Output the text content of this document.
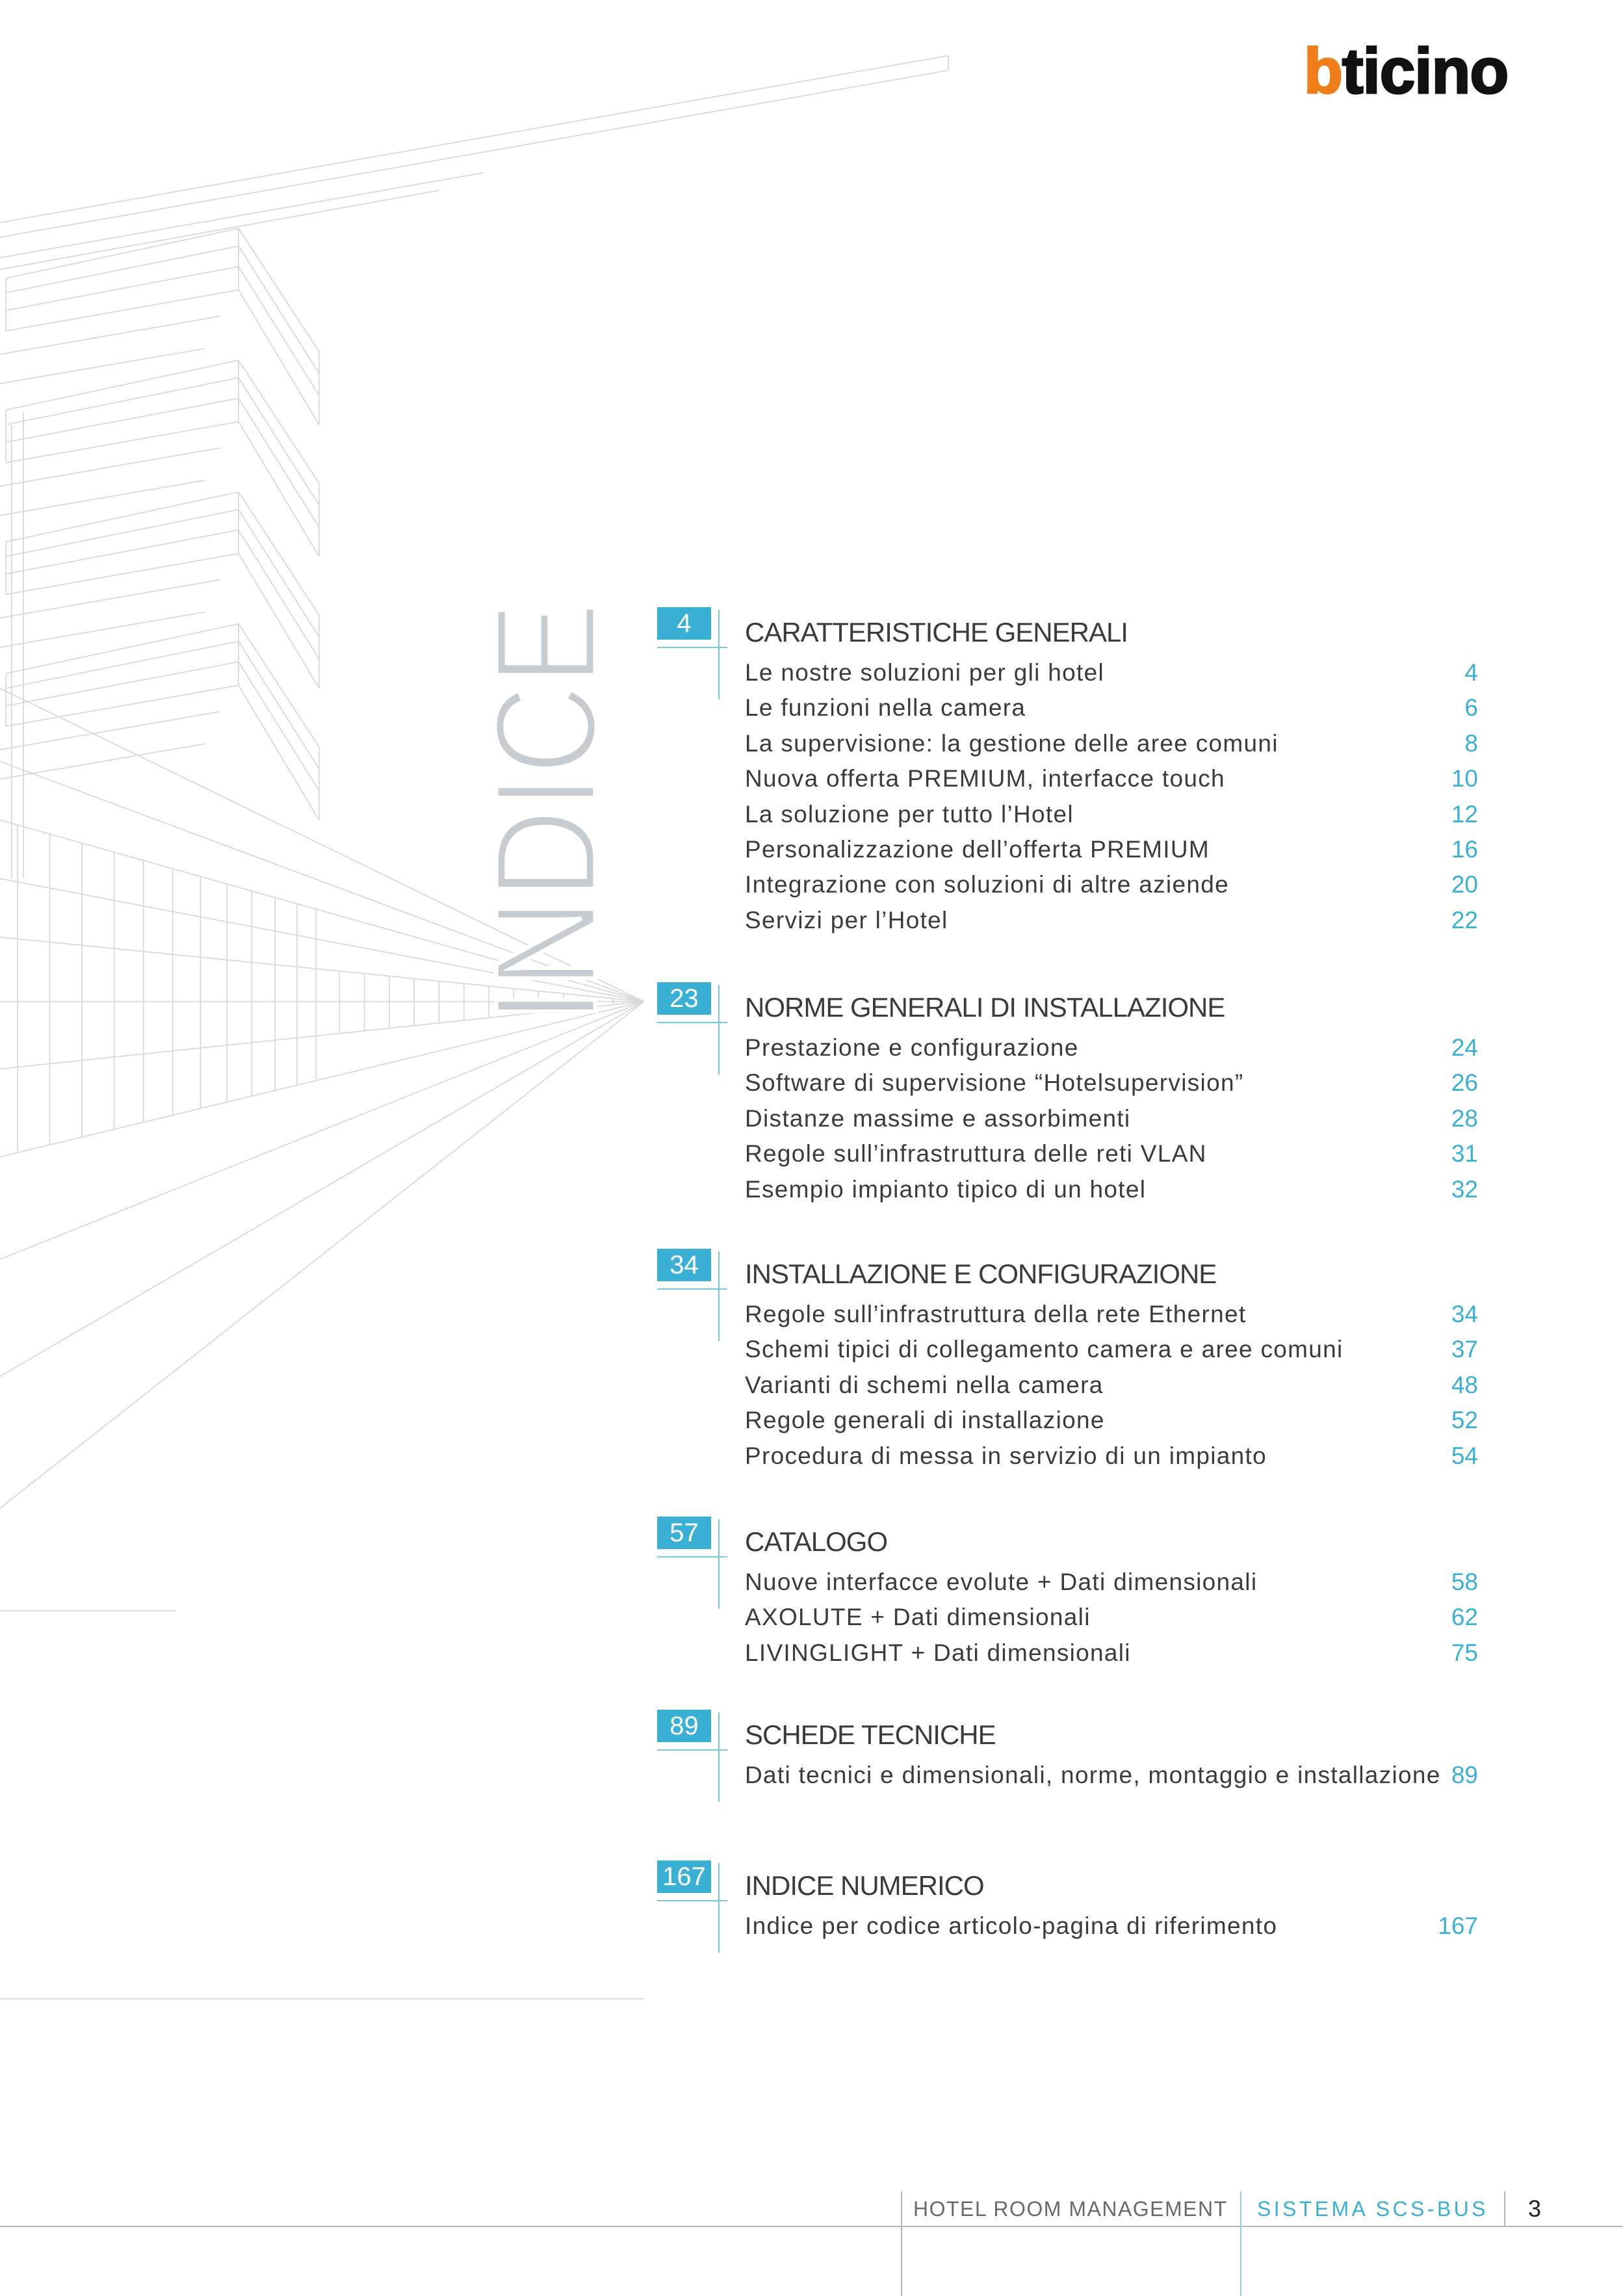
bticino
INDICE	4	CARATTERISTICHE GENERALI
Le nostre soluzioni per gli hotel	4
Le funzioni nella camera	6
La supervisione: la gestione delle aree comuni	8
Nuova offerta PREMIUM, interfacce touch	10
La soluzione per tutto l’Hotel	12
Personalizzazione dell’offerta PREMIUM	16
Integrazione con soluzioni di altre aziende	20
Servizi per l’Hotel	22
23	NORME GENERALI DI INSTALLAZIONE
Prestazione e configurazione	24
Software di supervisione “Hotelsupervision”	26
Distanze massime e assorbimenti	28
Regole sull’infrastruttura delle reti VLAN	31
Esempio impianto tipico di un hotel	32
34	INSTALLAZIONE E CONFIGURAZIONE
Regole sull’infrastruttura della rete Ethernet	34
Schemi tipici di collegamento camera e aree comuni	37
Varianti di schemi nella camera	48
Regole generali di installazione	52
Procedura di messa in servizio di un impianto	54
57	CATALOGO
Nuove interfacce evolute + Dati dimensionali	58
AXOLUTE + Dati dimensionali	62
LIVINGLIGHT + Dati dimensionali	75
89	SCHEDE TECNICHE
Dati tecnici e dimensionali, norme, montaggio e installazione 89
167 INDICE NUMERICO
Indice per codice articolo-pagina di riferimento	167
HOTEL ROOM MANAGEMENT SISTEMA SCS-BUS 3
